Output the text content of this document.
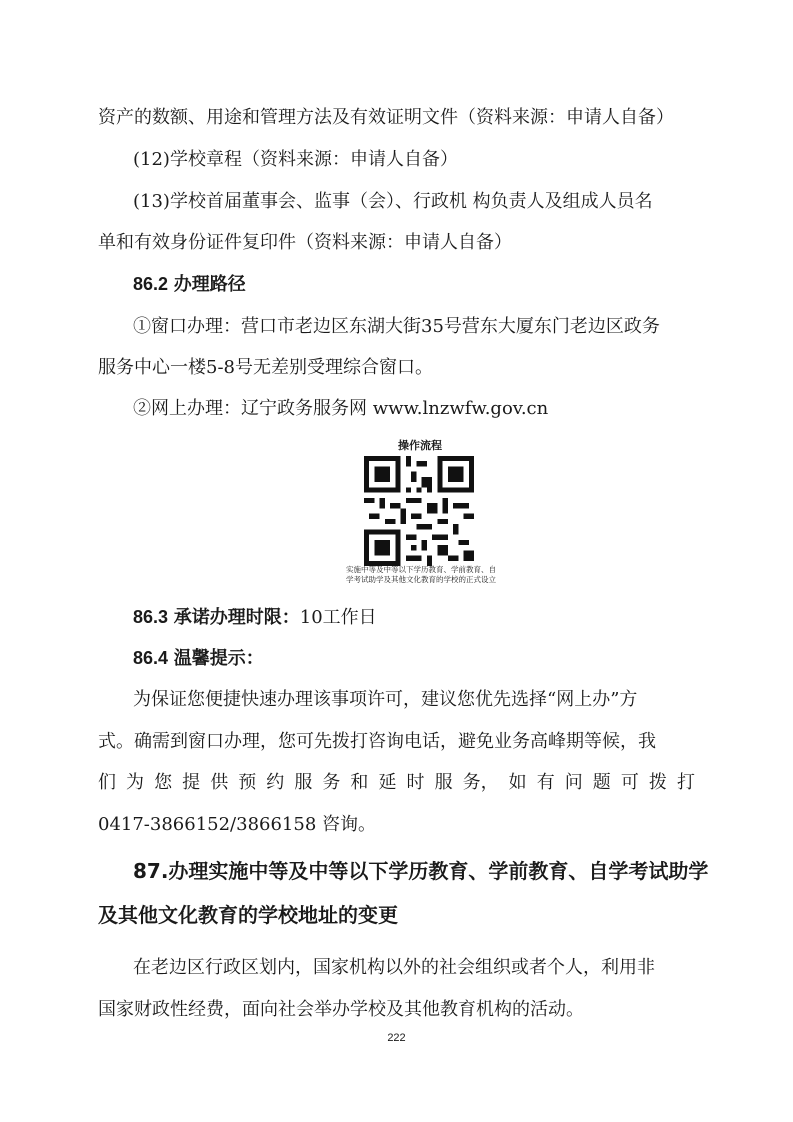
资产的数额、用途和管理方法及有效证明文件（资料来源：申请人自备）
(12)学校章程（资料来源：申请人自备）
(13)学校首届董事会、监事（会）、行政机 构负责人及组成人员名
单和有效身份证件复印件（资料来源：申请人自备）
86.2 办理路径
①窗口办理：营口市老边区东湖大街35号营东大厦东门老边区政务
服务中心一楼5-8号无差别受理综合窗口。
②网上办理：辽宁政务服务网 www.lnzwfw.gov.cn
操作流程
实施中等及中等以下学历教育、学前教育、自
学考试助学及其他文化教育的学校的正式设立
86.3 承诺办理时限：10工作日
86.4 温馨提示：
为保证您便捷快速办理该事项许可，建议您优先选择“网上办”方
式。确需到窗口办理，您可先拨打咨询电话，避免业务高峰期等候，我
们 为 您 提 供 预 约 服 务 和 延 时 服 务， 如 有 问 题 可 拨 打
0417-3866152/3866158 咨询。
87.办理实施中等及中等以下学历教育、学前教育、自学考试助学
及其他文化教育的学校地址的变更
在老边区行政区划内，国家机构以外的社会组织或者个人，利用非
国家财政性经费，面向社会举办学校及其他教育机构的活动。
222
